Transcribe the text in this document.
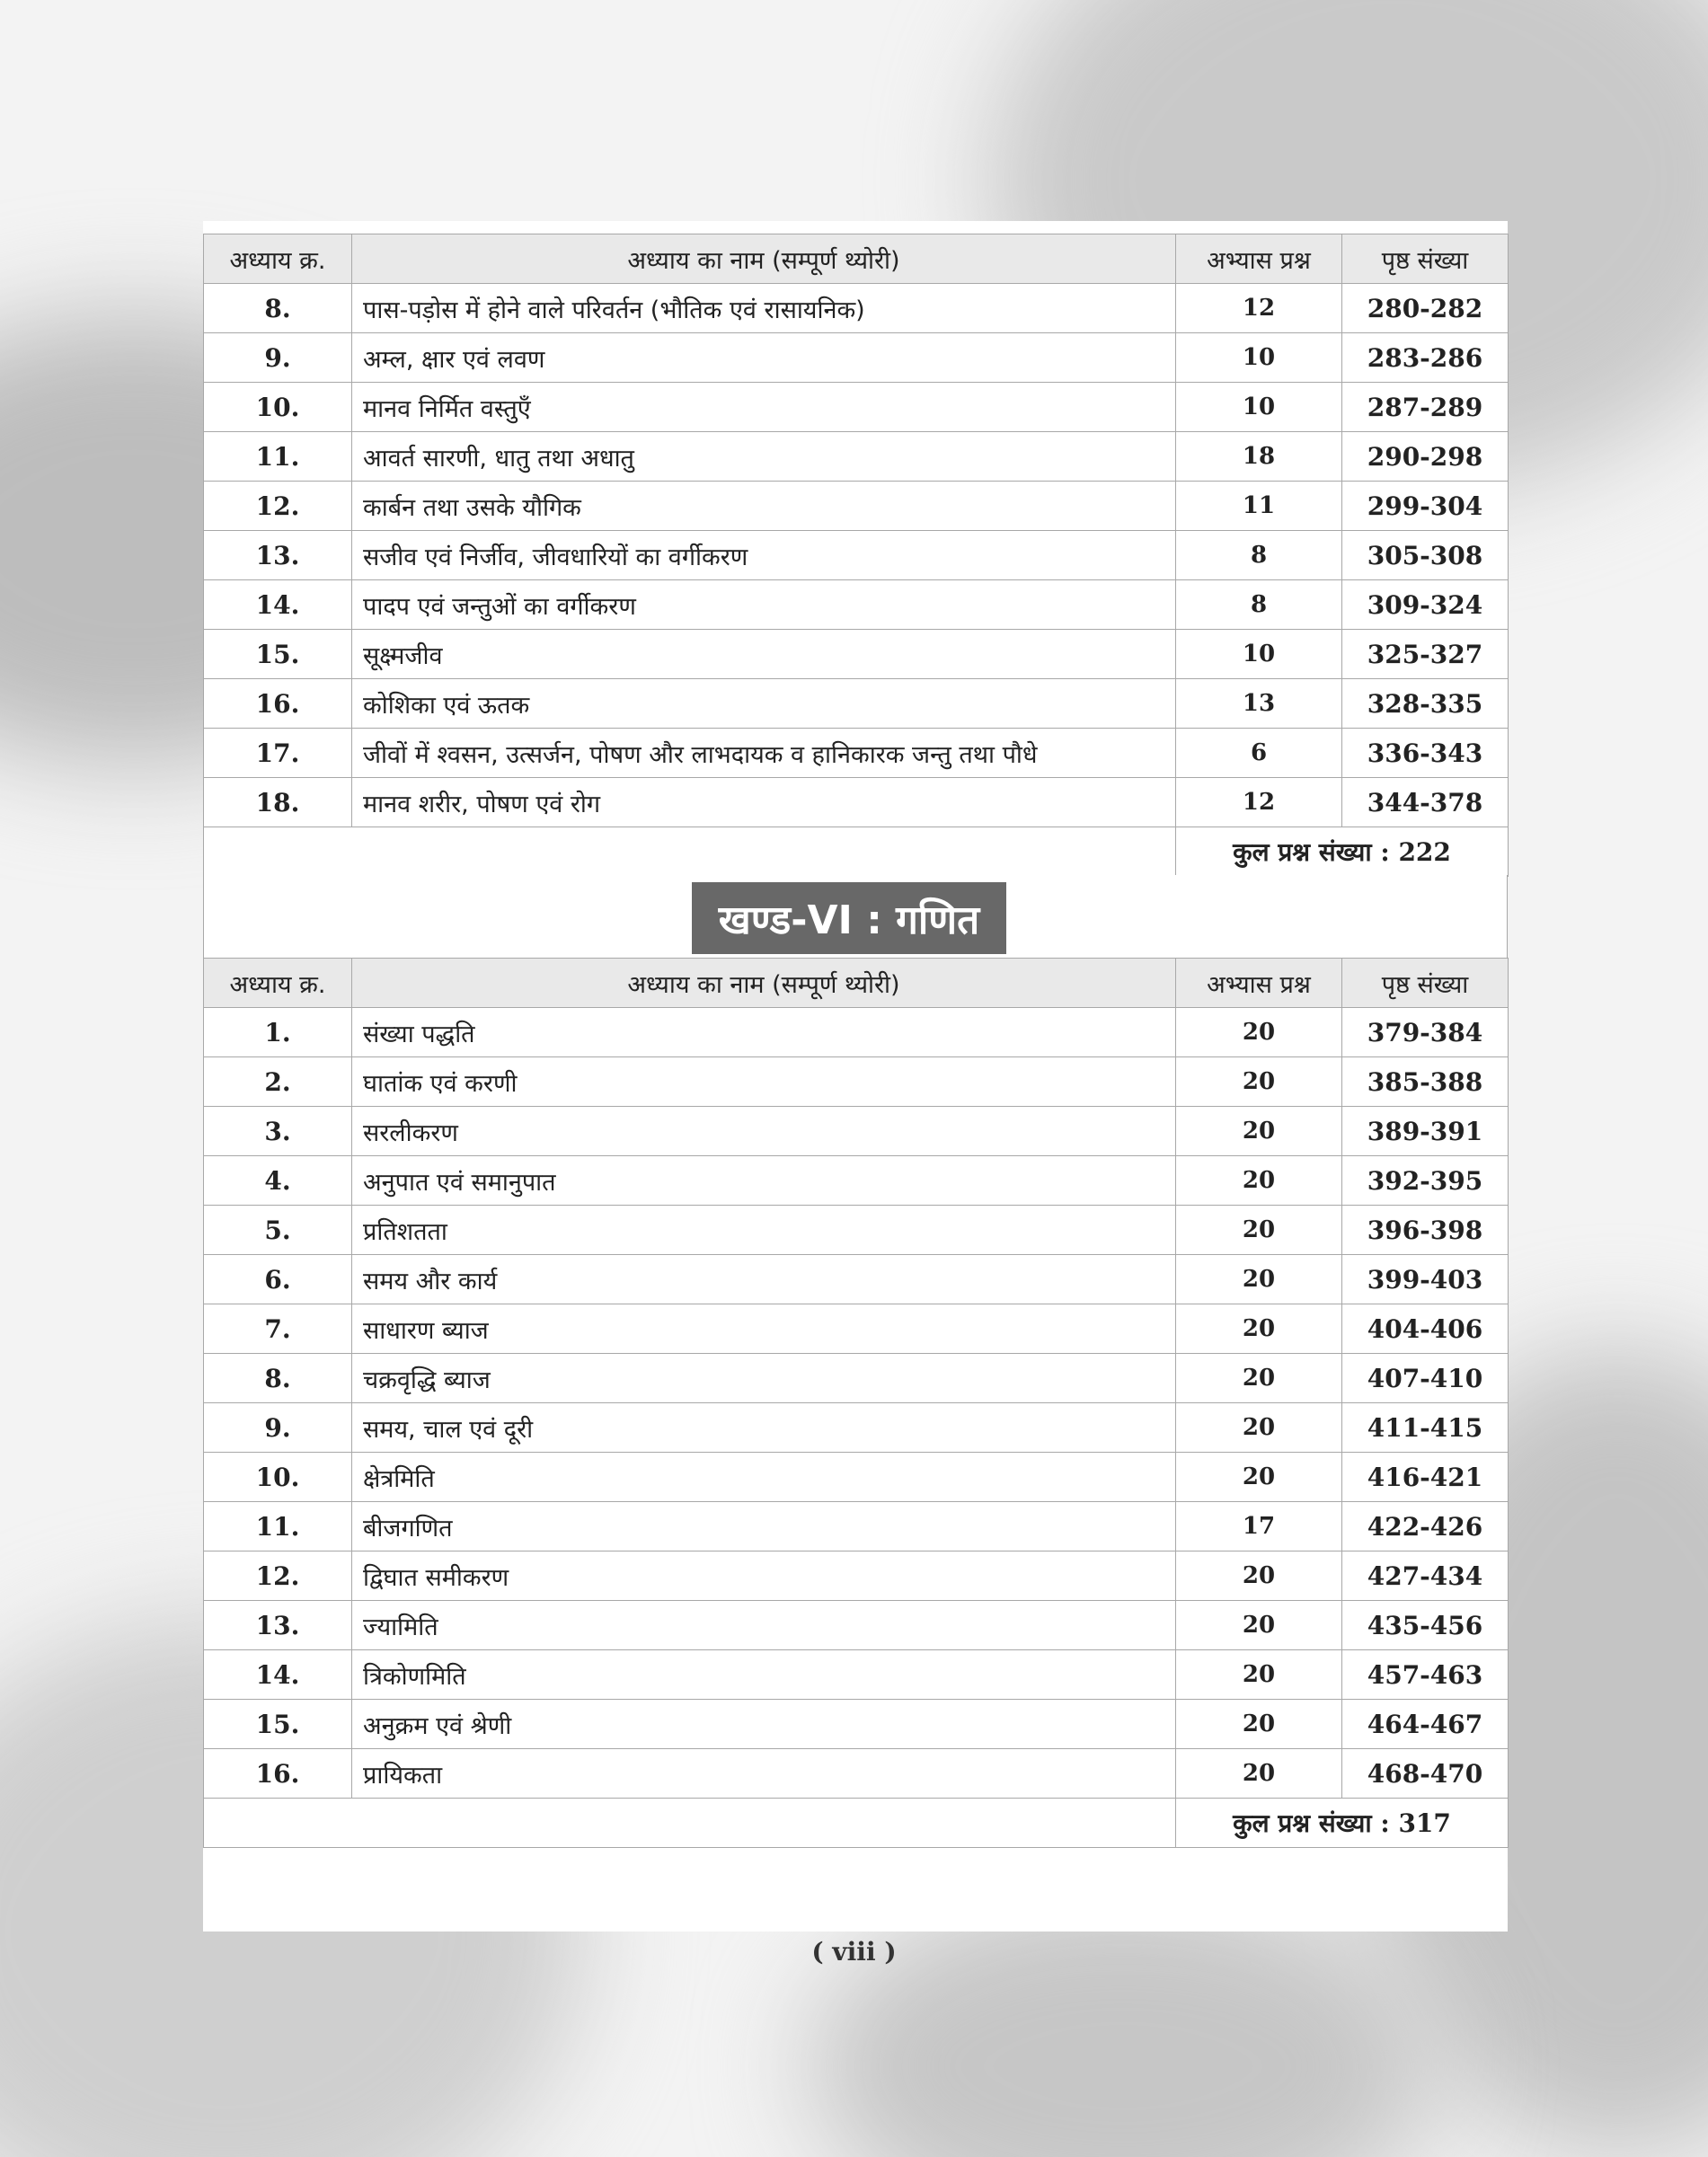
अध्याय क्र.	अध्याय का नाम (सम्पूर्ण थ्योरी)	अभ्यास प्रश्न	पृष्ठ संख्या
8.	पास-पड़ोस में होने वाले परिवर्तन (भौतिक एवं रासायनिक)	12	280-282
9.	अम्ल, क्षार एवं लवण	10	283-286
10.	मानव निर्मित वस्तुएँ	10	287-289
11.	आवर्त सारणी, धातु तथा अधातु	18	290-298
12.	कार्बन तथा उसके यौगिक	11	299-304
13.	सजीव एवं निर्जीव, जीवधारियों का वर्गीकरण	8	305-308
14.	पादप एवं जन्तुओं का वर्गीकरण	8	309-324
15.	सूक्ष्मजीव	10	325-327
16.	कोशिका एवं ऊतक	13	328-335
17.	जीवों में श्वसन, उत्सर्जन, पोषण और लाभदायक व हानिकारक जन्तु तथा पौधे	6	336-343
18.	मानव शरीर, पोषण एवं रोग	12	344-378
		कुल प्रश्न संख्या : 222	
खण्ड-VI : गणित
अध्याय क्र.	अध्याय का नाम (सम्पूर्ण थ्योरी)	अभ्यास प्रश्न	पृष्ठ संख्या
1.	संख्या पद्धति	20	379-384
2.	घातांक एवं करणी	20	385-388
3.	सरलीकरण	20	389-391
4.	अनुपात एवं समानुपात	20	392-395
5.	प्रतिशतता	20	396-398
6.	समय और कार्य	20	399-403
7.	साधारण ब्याज	20	404-406
8.	चक्रवृद्धि ब्याज	20	407-410
9.	समय, चाल एवं दूरी	20	411-415
10.	क्षेत्रमिति	20	416-421
11.	बीजगणित	17	422-426
12.	द्विघात समीकरण	20	427-434
13.	ज्यामिति	20	435-456
14.	त्रिकोणमिति	20	457-463
15.	अनुक्रम एवं श्रेणी	20	464-467
16.	प्रायिकता	20	468-470
		कुल प्रश्न संख्या : 317	
( viii )
